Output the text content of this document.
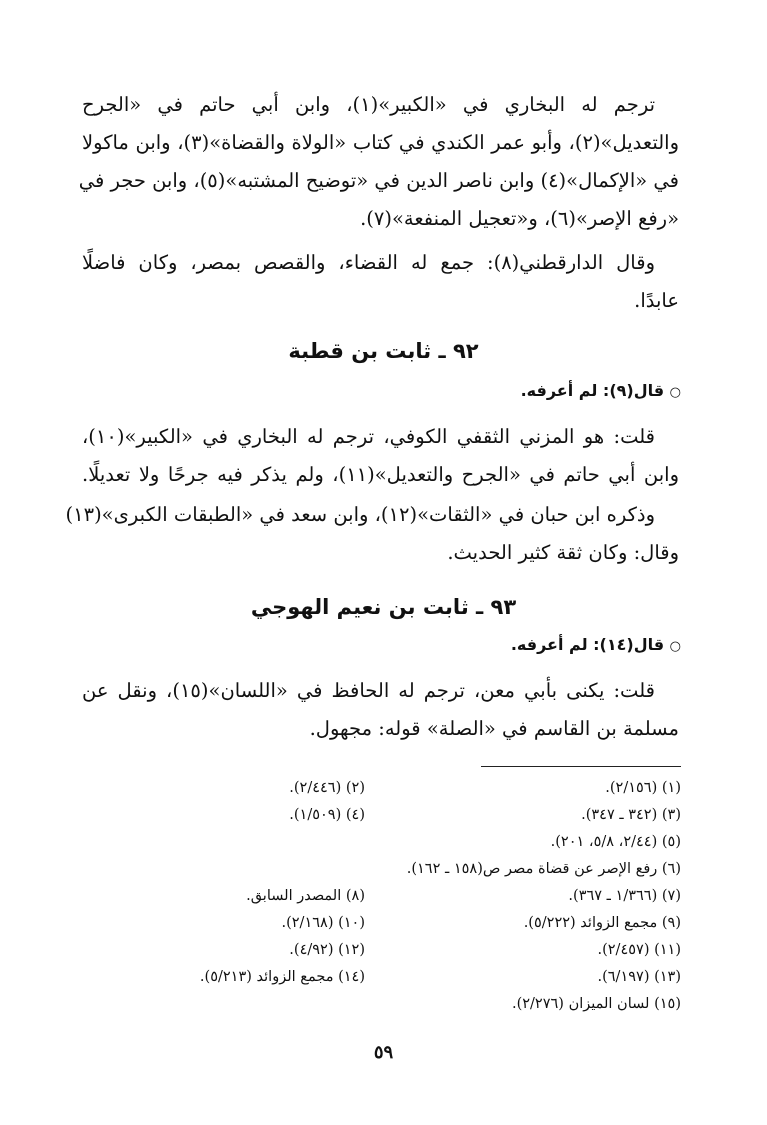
ترجم له البخاري في «الكبير»(١)، وابن أبي حاتم في «الجرح
والتعديل»(٢)، وأبو عمر الكندي في كتاب «الولاة والقضاة»(٣)، وابن ماكولا
في «الإكمال»(٤) وابن ناصر الدين في «توضيح المشتبه»(٥)، وابن حجر في
«رفع الإصر»(٦)، و«تعجيل المنفعة»(٧).
وقال الدارقطني(٨): جمع له القضاء، والقصص بمصر، وكان فاضلًا
عابدًا.
٩٢ ـ ثابت بن قطبة
○ قال(٩): لم أعرفه.
قلت: هو المزني الثقفي الكوفي، ترجم له البخاري في «الكبير»(١٠)،
وابن أبي حاتم في «الجرح والتعديل»(١١)، ولم يذكر فيه جرحًا ولا تعديلًا.
وذكره ابن حبان في «الثقات»(١٢)، وابن سعد في «الطبقات الكبرى»(١٣)
وقال: وكان ثقة كثير الحديث.
٩٣ ـ ثابت بن نعيم الهوجي
○ قال(١٤): لم أعرفه.
قلت: يكنى بأبي معن، ترجم له الحافظ في «اللسان»(١٥)، ونقل عن
مسلمة بن القاسم في «الصلة» قوله: مجهول.
(١) (٢/١٥٦).
(٢) (٢/٤٤٦).
(٣) (٣٤٢ ـ ٣٤٧).
(٤) (١/٥٠٩).
(٥) (٢/٤٤، ٥/٨، ٢٠١).
(٦) رفع الإصر عن قضاة مصر ص(١٥٨ ـ ١٦٢).
(٧) (١/٣٦٦ ـ ٣٦٧).
(٨) المصدر السابق.
(٩) مجمع الزوائد (٥/٢٢٢).
(١٠) (٢/١٦٨).
(١١) (٢/٤٥٧).
(١٢) (٤/٩٢).
(١٣) (٦/١٩٧).
(١٤) مجمع الزوائد (٥/٢١٣).
(١٥) لسان الميزان (٢/٢٧٦).
٥٩
